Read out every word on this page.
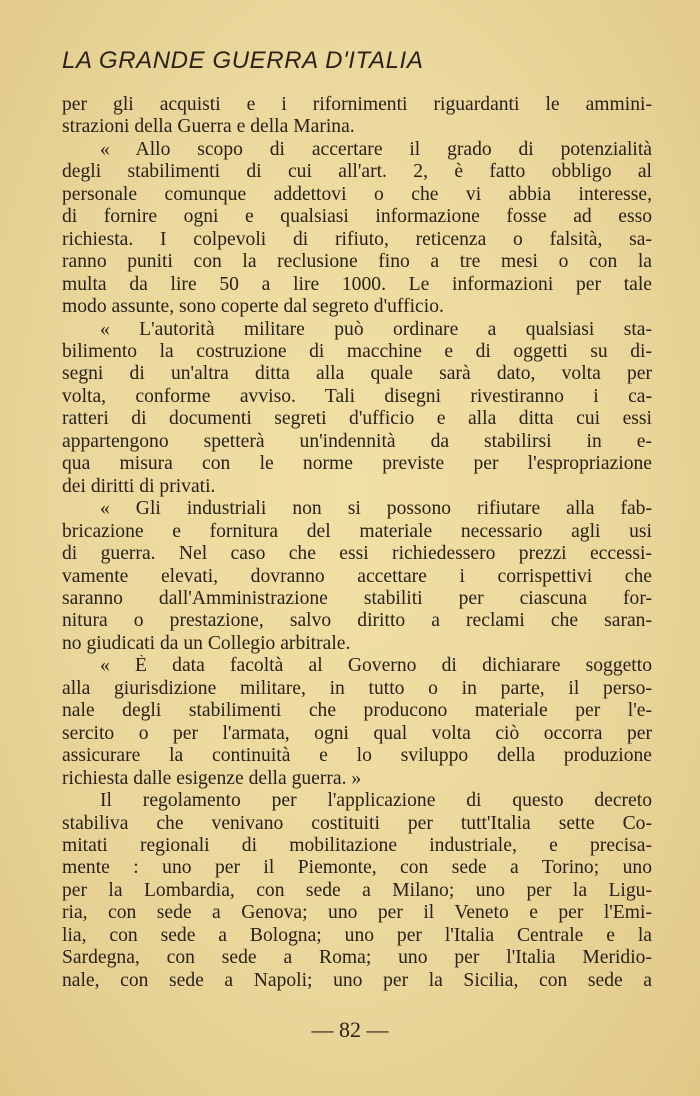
LA GRANDE GUERRA D'ITALIA
per gli acquisti e i rifornimenti riguardanti le ammini-
strazioni della Guerra e della Marina.
« Allo scopo di accertare il grado di potenzialità
degli stabilimenti di cui all'art. 2, è fatto obbligo al
personale comunque addettovi o che vi abbia interesse,
di fornire ogni e qualsiasi informazione fosse ad esso
richiesta. I colpevoli di rifiuto, reticenza o falsità, sa-
ranno puniti con la reclusione fino a tre mesi o con la
multa da lire 50 a lire 1000. Le informazioni per tale
modo assunte, sono coperte dal segreto d'ufficio.
« L'autorità militare può ordinare a qualsiasi sta-
bilimento la costruzione di macchine e di oggetti su di-
segni di un'altra ditta alla quale sarà dato, volta per
volta, conforme avviso. Tali disegni rivestiranno i ca-
ratteri di documenti segreti d'ufficio e alla ditta cui essi
appartengono spetterà un'indennità da stabilirsi in e-
qua misura con le norme previste per l'espropriazione
dei diritti di privati.
« Gli industriali non si possono rifiutare alla fab-
bricazione e fornitura del materiale necessario agli usi
di guerra. Nel caso che essi richiedessero prezzi eccessi-
vamente elevati, dovranno accettare i corrispettivi che
saranno dall'Amministrazione stabiliti per ciascuna for-
nitura o prestazione, salvo diritto a reclami che saran-
no giudicati da un Collegio arbitrale.
« È data facoltà al Governo di dichiarare soggetto
alla giurisdizione militare, in tutto o in parte, il perso-
nale degli stabilimenti che producono materiale per l'e-
sercito o per l'armata, ogni qual volta ciò occorra per
assicurare la continuità e lo sviluppo della produzione
richiesta dalle esigenze della guerra. »
Il regolamento per l'applicazione di questo decreto
stabiliva che venivano costituiti per tutt'Italia sette Co-
mitati regionali di mobilitazione industriale, e precisa-
mente : uno per il Piemonte, con sede a Torino; uno
per la Lombardia, con sede a Milano; uno per la Ligu-
ria, con sede a Genova; uno per il Veneto e per l'Emi-
lia, con sede a Bologna; uno per l'Italia Centrale e la
Sardegna, con sede a Roma; uno per l'Italia Meridio-
nale, con sede a Napoli; uno per la Sicilia, con sede a
— 82 —
